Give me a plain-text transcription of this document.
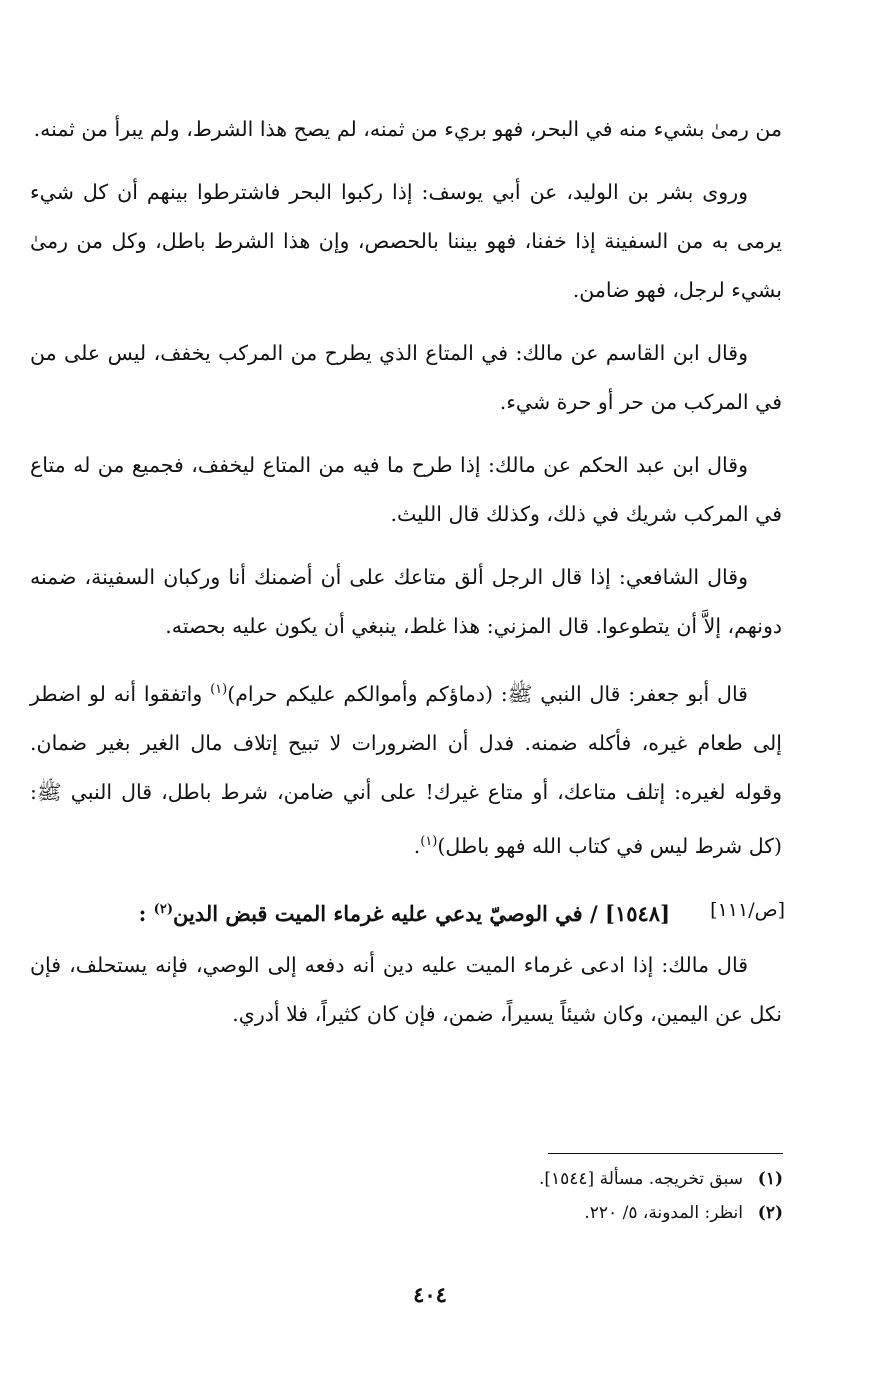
من رمىٰ بشيء منه في البحر، فهو بريء من ثمنه، لم يصح هذا الشرط، ولم يبرأ من ثمنه.

وروى بشر بن الوليد، عن أبي يوسف: إذا ركبوا البحر فاشترطوا بينهم أن كل شيء يرمى به من السفينة إذا خفنا، فهو بيننا بالحصص، وإن هذا الشرط باطل، وكل من رمىٰ بشيء لرجل، فهو ضامن.

وقال ابن القاسم عن مالك: في المتاع الذي يطرح من المركب يخفف، ليس على من في المركب من حر أو حرة شيء.

وقال ابن عبد الحكم عن مالك: إذا طرح ما فيه من المتاع ليخفف، فجميع من له متاع في المركب شريك في ذلك، وكذلك قال الليث.

وقال الشافعي: إذا قال الرجل ألق متاعك على أن أضمنك أنا وركبان السفينة، ضمنه دونهم، إلاَّ أن يتطوعوا. قال المزني: هذا غلط، ينبغي أن يكون عليه بحصته.

قال أبو جعفر: قال النبي ﷺ: (دماؤكم وأموالكم عليكم حرام)$^{(١)}$ واتفقوا أنه لو اضطر إلى طعام غيره، فأكله ضمنه. فدل أن الضرورات لا تبيح إتلاف مال الغير بغير ضمان. وقوله لغيره: إتلف متاعك، أو متاع غيرك! على أني ضامن، شرط باطل، قال النبي ﷺ: (كل شرط ليس في كتاب الله فهو باطل)$^{(١)}$.

[ص/١١١]
[١٥٤٨] / في الوصيّ يدعي عليه غرماء الميت قبض الدين$^{(٢)}$ :

قال مالك: إذا ادعى غرماء الميت عليه دين أنه دفعه إلى الوصي، فإنه يستحلف، فإن نكل عن اليمين، وكان شيئاً يسيراً، ضمن، فإن كان كثيراً، فلا أدري.

(١)سبق تخريجه. مسألة [١٥٤٤].
(٢)انظر: المدونة، ٥/ ٢٢٠.
٤٠٤
